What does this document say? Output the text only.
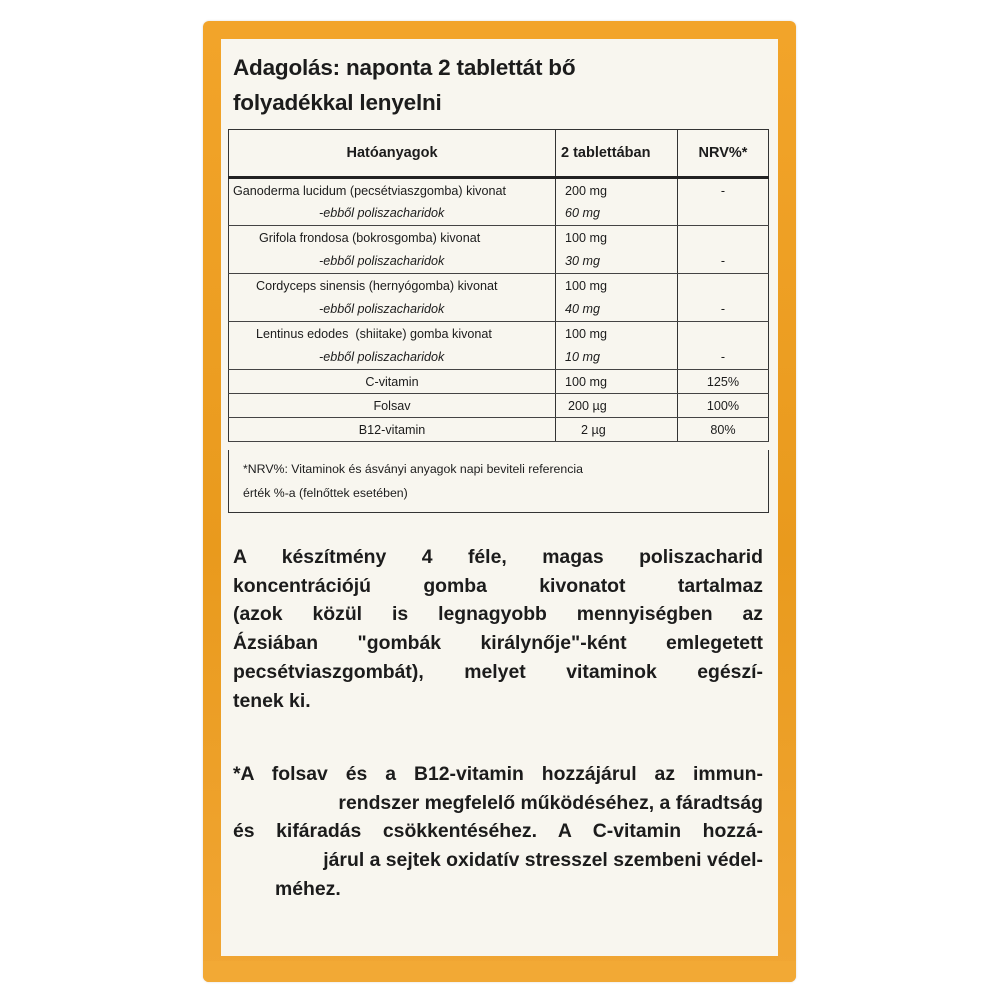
Adagolás: naponta 2 tablettát bő
folyadékkal lenyelni
Hatóanyagok	2 tablettában	NRV%*
Ganoderma lucidum (pecsétviaszgomba) kivonat	200 mg	-
-ebből poliszacharidok	60 mg	
Grifola frondosa (bokrosgomba) kivonat	100 mg	
-ebből poliszacharidok	30 mg	-
Cordyceps sinensis (hernyógomba) kivonat	100 mg	
-ebből poliszacharidok	40 mg	-
Lentinus edodes  (shiitake) gomba kivonat	100 mg	
-ebből poliszacharidok	10 mg	-
C-vitamin	100 mg	125%
Folsav	200 µg	100%
B12-vitamin	2 µg	80%
*NRV%: Vitaminok és ásványi anyagok napi beviteli referencia
érték %-a (felnőttek esetében)
A készítmény 4 féle, magas poliszacharid
koncentrációjú gomba kivonatot tartalmaz
(azok közül is legnagyobb mennyiségben az
Ázsiában "gombák királynője"-ként emlegetett
pecsétviaszgombát), melyet vitaminok egészí-
tenek ki.
*A folsav és a B12-vitamin hozzájárul az immun-
rendszer megfelelő működéséhez, a fáradtság
és kifáradás csökkentéséhez. A C-vitamin hozzá-
járul a sejtek oxidatív stresszel szembeni védel-
méhez.
